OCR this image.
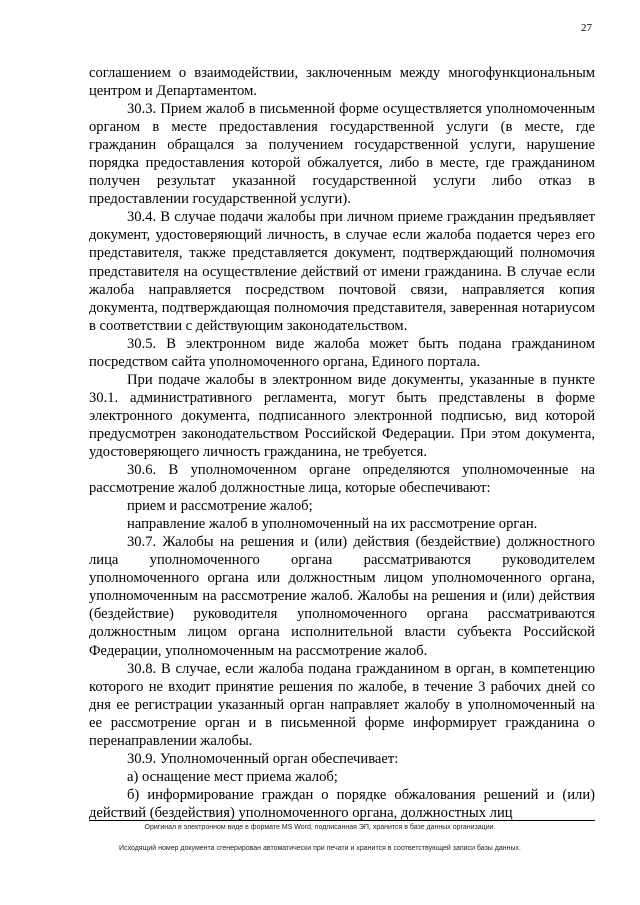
27

соглашением о взаимодействии, заключенным между многофункциональным центром и Департаментом.

30.3. Прием жалоб в письменной форме осуществляется уполномоченным органом в месте предоставления государственной услуги (в месте, где гражданин обращался за получением государственной услуги, нарушение порядка предоставления которой обжалуется, либо в месте, где гражданином получен результат указанной государственной услуги либо отказ в предоставлении государственной услуги).

30.4. В случае подачи жалобы при личном приеме гражданин предъявляет документ, удостоверяющий личность, в случае если жалоба подается через его представителя, также представляется документ, подтверждающий полномочия представителя на осуществление действий от имени гражданина. В случае если жалоба направляется посредством почтовой связи, направляется копия документа, подтверждающая полномочия представителя, заверенная нотариусом в соответствии с действующим законодательством.

30.5. В электронном виде жалоба может быть подана гражданином посредством сайта уполномоченного органа, Единого портала.

При подаче жалобы в электронном виде документы, указанные в пункте 30.1. административного регламента, могут быть представлены в форме электронного документа, подписанного электронной подписью, вид которой предусмотрен законодательством Российской Федерации. При этом документа, удостоверяющего личность гражданина, не требуется.

30.6. В уполномоченном органе определяются уполномоченные на рассмотрение жалоб должностные лица, которые обеспечивают:

прием и рассмотрение жалоб;

направление жалоб в уполномоченный на их рассмотрение орган.

30.7. Жалобы на решения и (или) действия (бездействие) должностного лица уполномоченного органа рассматриваются руководителем уполномоченного органа или должностным лицом уполномоченного органа, уполномоченным на рассмотрение жалоб. Жалобы на решения и (или) действия (бездействие) руководителя уполномоченного органа рассматриваются должностным лицом органа исполнительной власти субъекта Российской Федерации, уполномоченным на рассмотрение жалоб.

30.8. В случае, если жалоба подана гражданином в орган, в компетенцию которого не входит принятие решения по жалобе, в течение 3 рабочих дней со дня ее регистрации указанный орган направляет жалобу в уполномоченный на ее рассмотрение орган и в письменной форме информирует гражданина о перенаправлении жалобы.

30.9. Уполномоченный орган обеспечивает:

а) оснащение мест приема жалоб;

б) информирование граждан о порядке обжалования решений и (или) действий (бездействия) уполномоченного органа, должностных лиц

Оригинал в электронном виде в формате MS Word, подписанная ЭП, хранится в базе данных организации.
Исходящий номер документа сгенерирован автоматически при печати и хранится в соответствующей записи базы данных.
